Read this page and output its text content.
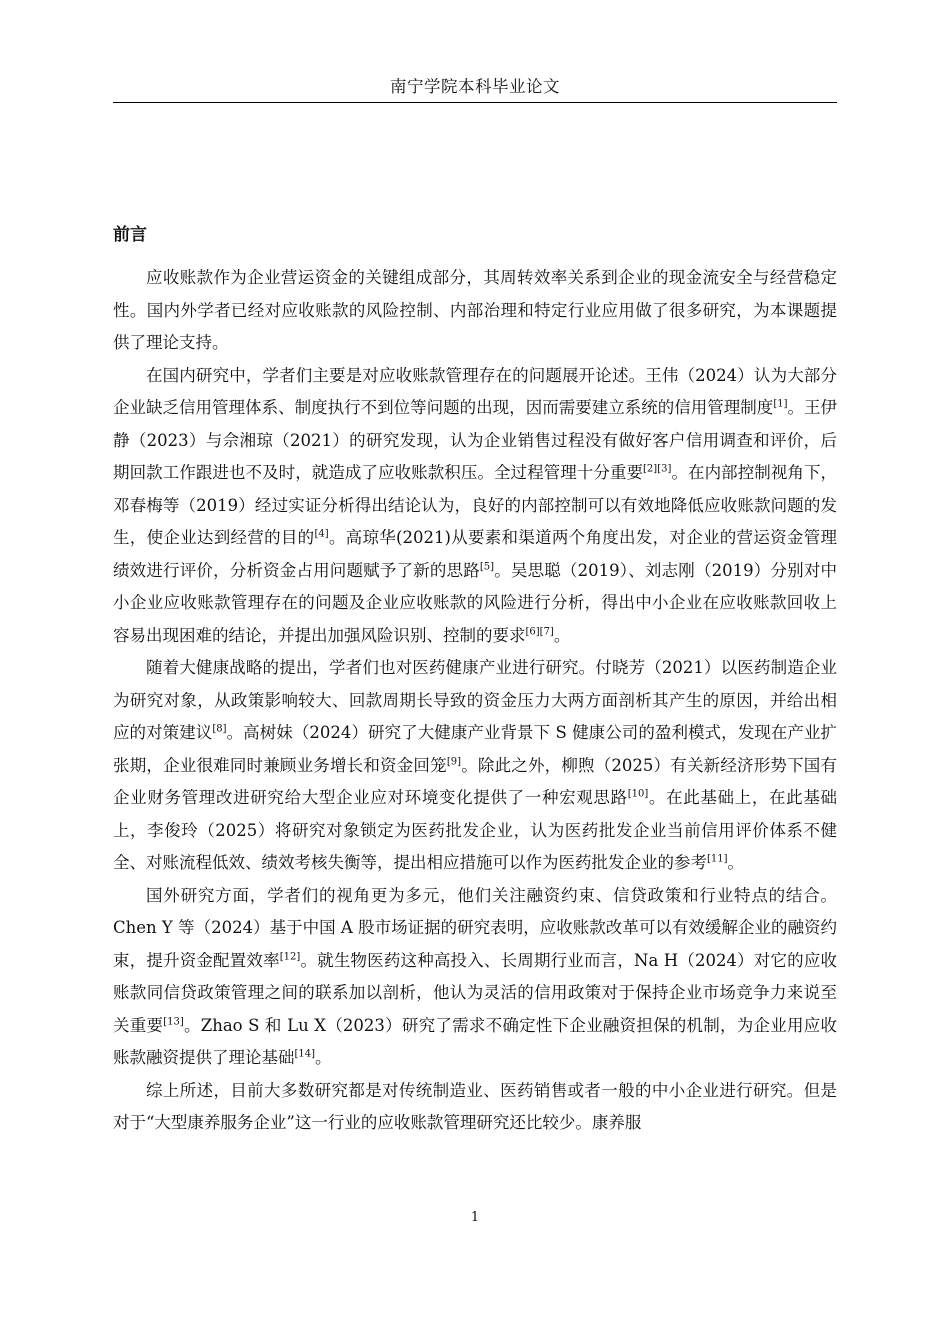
南宁学院本科毕业论文
前言

应收账款作为企业营运资金的关键组成部分，其周转效率关系到企业的现金流安全与经营稳定性。国内外学者已经对应收账款的风险控制、内部治理和特定行业应用做了很多研究，为本课题提供了理论支持。

在国内研究中，学者们主要是对应收账款管理存在的问题展开论述。王伟（2024）认为大部分企业缺乏信用管理体系、制度执行不到位等问题的出现，因而需要建立系统的信用管理制度[1]。王伊静（2023）与佘湘琼（2021）的研究发现，认为企业销售过程没有做好客户信用调查和评价，后期回款工作跟进也不及时，就造成了应收账款积压。全过程管理十分重要[2][3]。在内部控制视角下，邓春梅等（2019）经过实证分析得出结论认为，良好的内部控制可以有效地降低应收账款问题的发生，使企业达到经营的目的[4]。高琼华(2021)从要素和渠道两个角度出发，对企业的营运资金管理绩效进行评价，分析资金占用问题赋予了新的思路[5]。吴思聪（2019）、刘志刚（2019）分别对中小企业应收账款管理存在的问题及企业应收账款的风险进行分析，得出中小企业在应收账款回收上容易出现困难的结论，并提出加强风险识别、控制的要求[6][7]。

随着大健康战略的提出，学者们也对医药健康产业进行研究。付晓芳（2021）以医药制造企业为研究对象，从政策影响较大、回款周期长导致的资金压力大两方面剖析其产生的原因，并给出相应的对策建议[8]。高树妹（2024）研究了大健康产业背景下 S 健康公司的盈利模式，发现在产业扩张期，企业很难同时兼顾业务增长和资金回笼[9]。除此之外，柳煦（2025）有关新经济形势下国有企业财务管理改进研究给大型企业应对环境变化提供了一种宏观思路[10]。在此基础上，在此基础上，李俊玲（2025）将研究对象锁定为医药批发企业，认为医药批发企业当前信用评价体系不健全、对账流程低效、绩效考核失衡等，提出相应措施可以作为医药批发企业的参考[11]。

国外研究方面，学者们的视角更为多元，他们关注融资约束、信贷政策和行业特点的结合。Chen Y 等（2024）基于中国 A 股市场证据的研究表明，应收账款改革可以有效缓解企业的融资约束，提升资金配置效率[12]。就生物医药这种高投入、长周期行业而言，Na H（2024）对它的应收账款同信贷政策管理之间的联系加以剖析，他认为灵活的信用政策对于保持企业市场竞争力来说至关重要[13]。Zhao S 和 Lu X（2023）研究了需求不确定性下企业融资担保的机制，为企业用应收账款融资提供了理论基础[14]。

综上所述，目前大多数研究都是对传统制造业、医药销售或者一般的中小企业进行研究。但是对于“大型康养服务企业”这一行业的应收账款管理研究还比较少。康养服

1
